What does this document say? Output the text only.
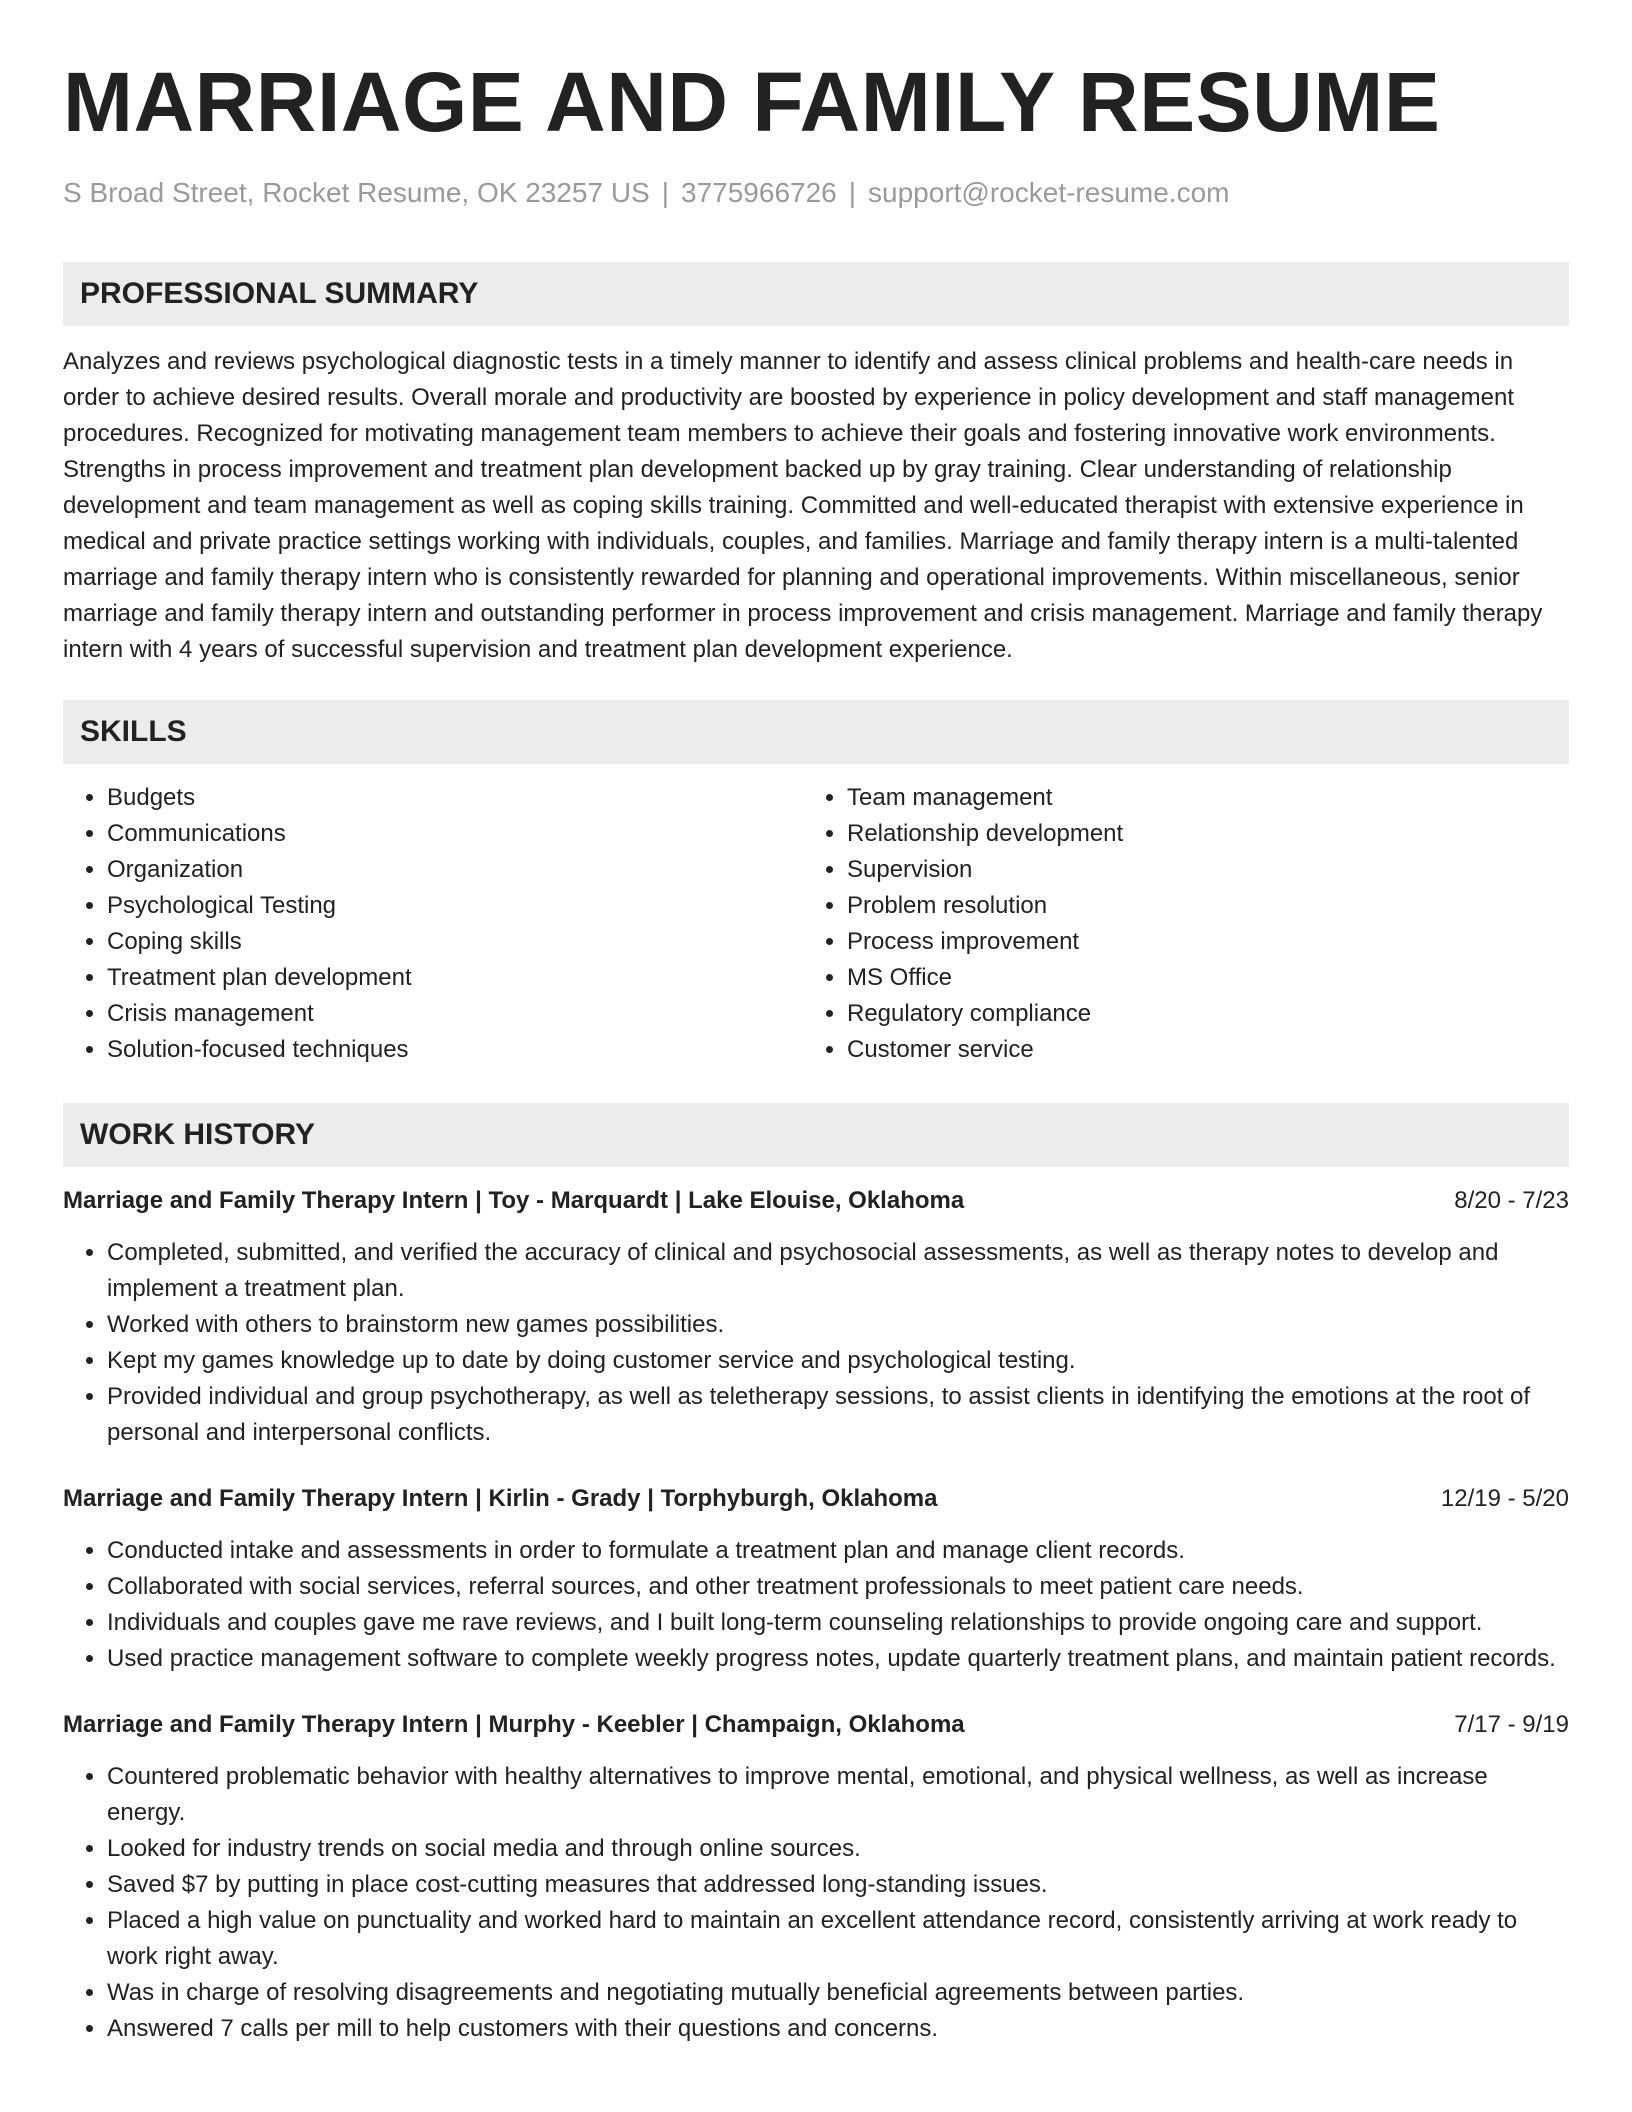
MARRIAGE AND FAMILY RESUME
S Broad Street, Rocket Resume, OK 23257 US | 3775966726 | support@rocket-resume.com
PROFESSIONAL SUMMARY

Analyzes and reviews psychological diagnostic tests in a timely manner to identify and assess clinical problems and health-care needs in order to achieve desired results. Overall morale and productivity are boosted by experience in policy development and staff management procedures. Recognized for motivating management team members to achieve their goals and fostering innovative work environments. Strengths in process improvement and treatment plan development backed up by gray training. Clear understanding of relationship development and team management as well as coping skills training. Committed and well-educated therapist with extensive experience in medical and private practice settings working with individuals, couples, and families. Marriage and family therapy intern is a multi-talented marriage and family therapy intern who is consistently rewarded for planning and operational improvements. Within miscellaneous, senior marriage and family therapy intern and outstanding performer in process improvement and crisis management. Marriage and family therapy intern with 4 years of successful supervision and treatment plan development experience.

SKILLS
• Budgets
• Communications
• Organization
• Psychological Testing
• Coping skills
• Treatment plan development
• Crisis management
• Solution-focused techniques
• Team management
• Relationship development
• Supervision
• Problem resolution
• Process improvement
• MS Office
• Regulatory compliance
• Customer service
WORK HISTORY
Marriage and Family Therapy Intern | Toy - Marquardt | Lake Elouise, Oklahoma	8/20 - 7/23
• Completed, submitted, and verified the accuracy of clinical and psychosocial assessments, as well as therapy notes to develop and implement a treatment plan.
• Worked with others to brainstorm new games possibilities.
• Kept my games knowledge up to date by doing customer service and psychological testing.
• Provided individual and group psychotherapy, as well as teletherapy sessions, to assist clients in identifying the emotions at the root of personal and interpersonal conflicts.
Marriage and Family Therapy Intern | Kirlin - Grady | Torphyburgh, Oklahoma	12/19 - 5/20
• Conducted intake and assessments in order to formulate a treatment plan and manage client records.
• Collaborated with social services, referral sources, and other treatment professionals to meet patient care needs.
• Individuals and couples gave me rave reviews, and I built long-term counseling relationships to provide ongoing care and support.
• Used practice management software to complete weekly progress notes, update quarterly treatment plans, and maintain patient records.
Marriage and Family Therapy Intern | Murphy - Keebler | Champaign, Oklahoma	7/17 - 9/19
• Countered problematic behavior with healthy alternatives to improve mental, emotional, and physical wellness, as well as increase energy.
• Looked for industry trends on social media and through online sources.
• Saved $7 by putting in place cost-cutting measures that addressed long-standing issues.
• Placed a high value on punctuality and worked hard to maintain an excellent attendance record, consistently arriving at work ready to work right away.
• Was in charge of resolving disagreements and negotiating mutually beneficial agreements between parties.
• Answered 7 calls per mill to help customers with their questions and concerns.
